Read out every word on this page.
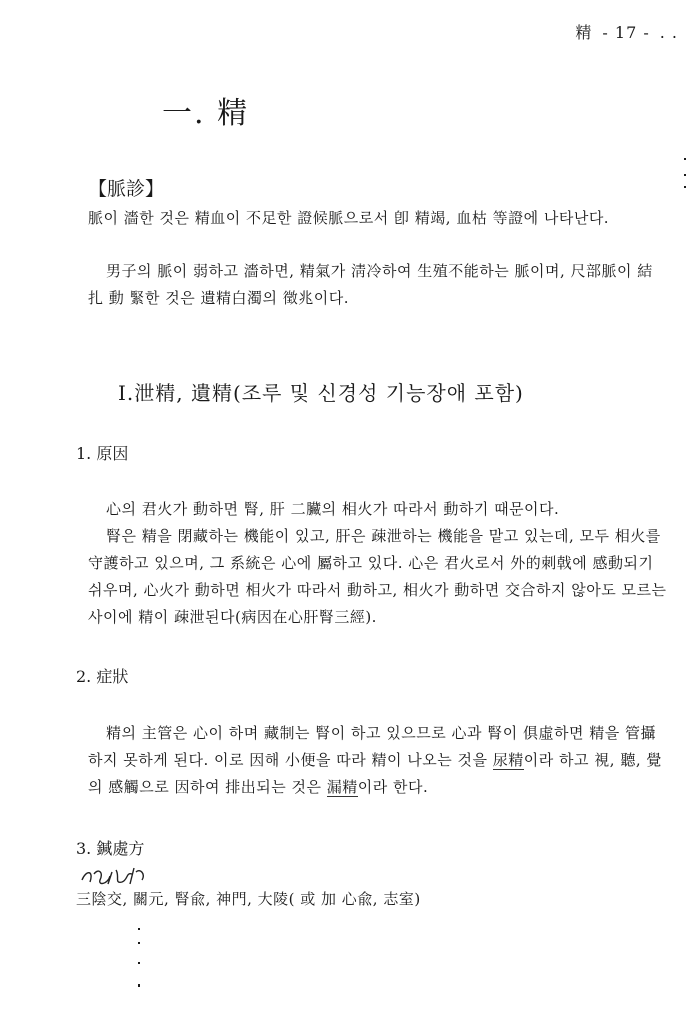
精 - 17 - . .
一. 精
【脈診】
脈이 濇한 것은 精血이 不足한 證候脈으로서 卽 精竭, 血枯 等證에 나타난다.
男子의 脈이 弱하고 濇하면, 精氣가 淸冷하여 生殖不能하는 脈이며, 尺部脈이 結 扎 動 緊한 것은 遺精白濁의 徵兆이다.
Ⅰ.泄精, 遺精(조루 및 신경성 기능장애 포함)
1. 原因
心의 君火가 動하면 腎, 肝 二臟의 相火가 따라서 動하기 때문이다.
腎은 精을 閉藏하는 機能이 있고, 肝은 疎泄하는 機能을 맡고 있는데, 모두 相火를 守護하고 있으며, 그 系統은 心에 屬하고 있다. 心은 君火로서 外的刺戟에 感動되기 쉬우며, 心火가 動하면 相火가 따라서 動하고, 相火가 動하면 交合하지 않아도 모르는 사이에 精이 疎泄된다(病因在心肝腎三經).
2. 症狀
精의 主管은 心이 하며 藏制는 腎이 하고 있으므로 心과 腎이 俱虛하면 精을 管攝하지 못하게 된다. 이로 因해 小便을 따라 精이 나오는 것을 尿精이라 하고 視, 聽, 覺의 感觸으로 因하여 排出되는 것은 漏精이라 한다.
3. 鍼處方
三陰交, 關元, 腎兪, 神門, 大陵( 或 加 心兪, 志室)
